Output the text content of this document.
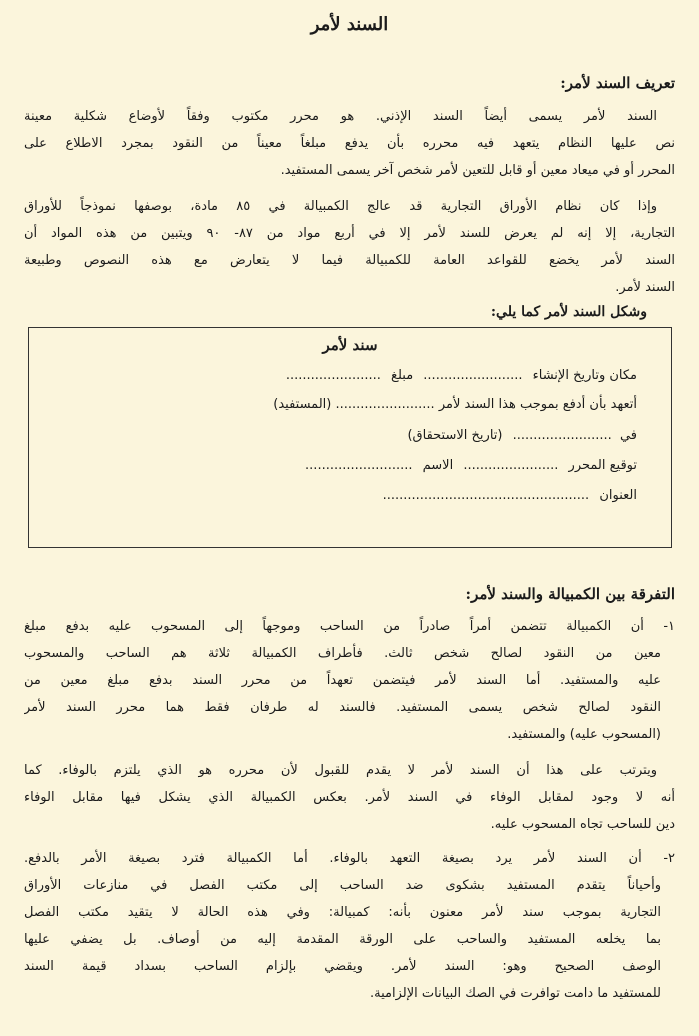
السند لأمر
تعريف السند لأمر:
السند لأمر يسمى أيضاً السند الإذني. هو محرر مكتوب وفقاً لأوضاع شكلية معينة
نص عليها النظام يتعهد فيه محرره بأن يدفع مبلغاً معيناً من النقود بمجرد الاطلاع على
المحرر أو في ميعاد معين أو قابل للتعين لأمر شخص آخر يسمى المستفيد.
وإذا كان نظام الأوراق التجارية قد عالج الكمبيالة في ٨٥ مادة، بوصفها نموذجاً للأوراق
التجارية، إلا إنه لم يعرض للسند لأمر إلا في أربع مواد من ٨٧- ٩٠ ويتبين من هذه المواد أن
السند لأمر يخضع للقواعد العامة للكمبيالة فيما لا يتعارض مع هذه النصوص وطبيعة
السند لأمر.
وشكل السند لأمر كما يلي:
سند لأمر
مكان وتاريخ الإنشاء ........................ مبلغ .......................
أتعهد بأن أدفع بموجب هذا السند لأمر ........................ (المستفيد)
في ........................ (تاريخ الاستحقاق)
توقيع المحرر ....................... الاسم ..........................
العنوان ..................................................
التفرقة بين الكمبيالة والسند لأمر:
١- أن الكمبيالة تتضمن أمراً صادراً من الساحب وموجهاً إلى المسحوب عليه بدفع مبلغ
معين من النقود لصالح شخص ثالث. فأطراف الكمبيالة ثلاثة هم الساحب والمسحوب
عليه والمستفيد. أما السند لأمر فيتضمن تعهداً من محرر السند بدفع مبلغ معين من
النقود لصالح شخص يسمى المستفيد. فالسند له طرفان فقط هما محرر السند لأمر
(المسحوب عليه) والمستفيد.
ويترتب على هذا أن السند لأمر لا يقدم للقبول لأن محرره هو الذي يلتزم بالوفاء. كما
أنه لا وجود لمقابل الوفاء في السند لأمر. بعكس الكمبيالة الذي يشكل فيها مقابل الوفاء
دين للساحب تجاه المسحوب عليه.
٢- أن السند لأمر يرد بصيغة التعهد بالوفاء. أما الكمبيالة فترد بصيغة الأمر بالدفع.
وأحياناً يتقدم المستفيد بشكوى ضد الساحب إلى مكتب الفصل في منازعات الأوراق
التجارية بموجب سند لأمر معنون بأنه: كمبيالة: وفي هذه الحالة لا يتقيد مكتب الفصل
بما يخلعه المستفيد والساحب على الورقة المقدمة إليه من أوصاف. بل يضفي عليها
الوصف الصحيح وهو: السند لأمر. ويقضي بإلزام الساحب بسداد قيمة السند
للمستفيد ما دامت توافرت في الصك البيانات الإلزامية.
